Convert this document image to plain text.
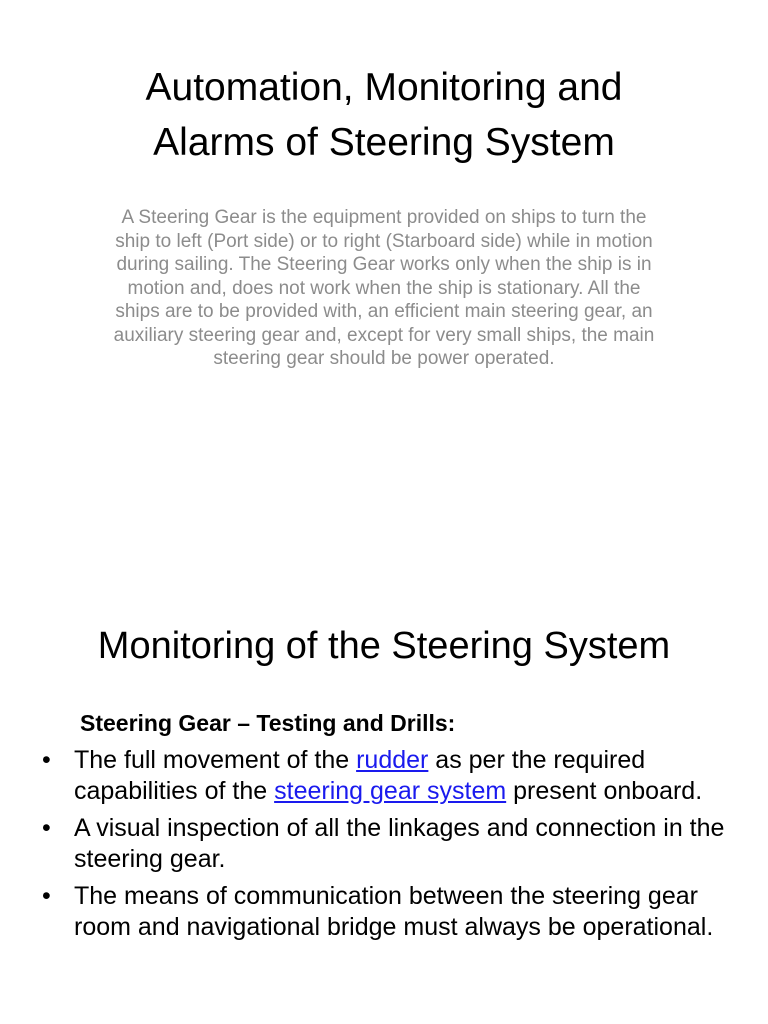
Automation, Monitoring and
Alarms of Steering System

A Steering Gear is the equipment provided on ships to turn the ship to left (Port side) or to right (Starboard side) while in motion during sailing. The Steering Gear works only when the ship is in motion and, does not work when the ship is stationary. All the ships are to be provided with, an efficient main steering gear, an auxiliary steering gear and, except for very small ships, the main steering gear should be power operated.

Monitoring of the Steering System

Steering Gear – Testing and Drills:

• The full movement of the rudder as per the required capabilities of the steering gear system present onboard.
• A visual inspection of all the linkages and connection in the steering gear.
• The means of communication between the steering gear room and navigational bridge must always be operational.
